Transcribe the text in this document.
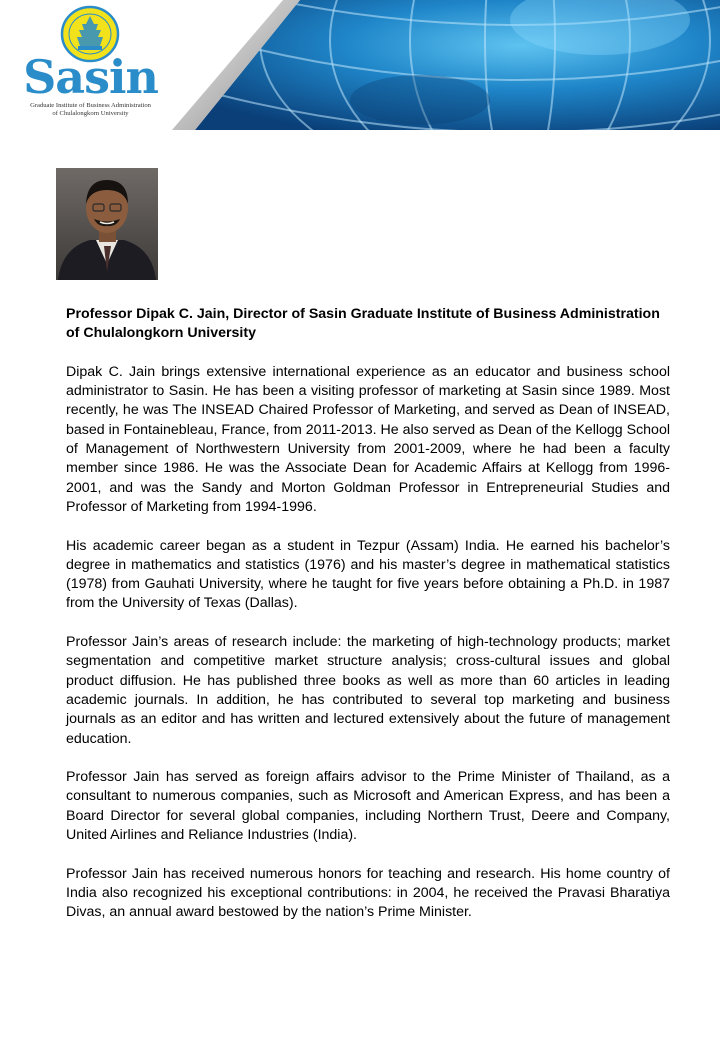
Sasin
Graduate Institute of Business Administration
of Chulalongkorn University

Professor Dipak C. Jain, Director of Sasin Graduate Institute of Business Administration of Chulalongkorn University

Dipak C. Jain brings extensive international experience as an educator and business school administrator to Sasin. He has been a visiting professor of marketing at Sasin since 1989. Most recently, he was The INSEAD Chaired Professor of Marketing, and served as Dean of INSEAD, based in Fontainebleau, France, from 2011-2013. He also served as Dean of the Kellogg School of Management of Northwestern University from 2001-2009, where he had been a faculty member since 1986. He was the Associate Dean for Academic Affairs at Kellogg from 1996-2001, and was the Sandy and Morton Goldman Professor in Entrepreneurial Studies and Professor of Marketing from 1994-1996.

His academic career began as a student in Tezpur (Assam) India. He earned his bachelor’s degree in mathematics and statistics (1976) and his master’s degree in mathematical statistics (1978) from Gauhati University, where he taught for five years before obtaining a Ph.D. in 1987 from the University of Texas (Dallas).

Professor Jain’s areas of research include: the marketing of high-technology products; market segmentation and competitive market structure analysis; cross-cultural issues and global product diffusion. He has published three books as well as more than 60 articles in leading academic journals. In addition, he has contributed to several top marketing and business journals as an editor and has written and lectured extensively about the future of management education.

Professor Jain has served as foreign affairs advisor to the Prime Minister of Thailand, as a consultant to numerous companies, such as Microsoft and American Express, and has been a Board Director for several global companies, including Northern Trust, Deere and Company, United Airlines and Reliance Industries (India).

Professor Jain has received numerous honors for teaching and research. His home country of India also recognized his exceptional contributions: in 2004, he received the Pravasi Bharatiya Divas, an annual award bestowed by the nation’s Prime Minister.
